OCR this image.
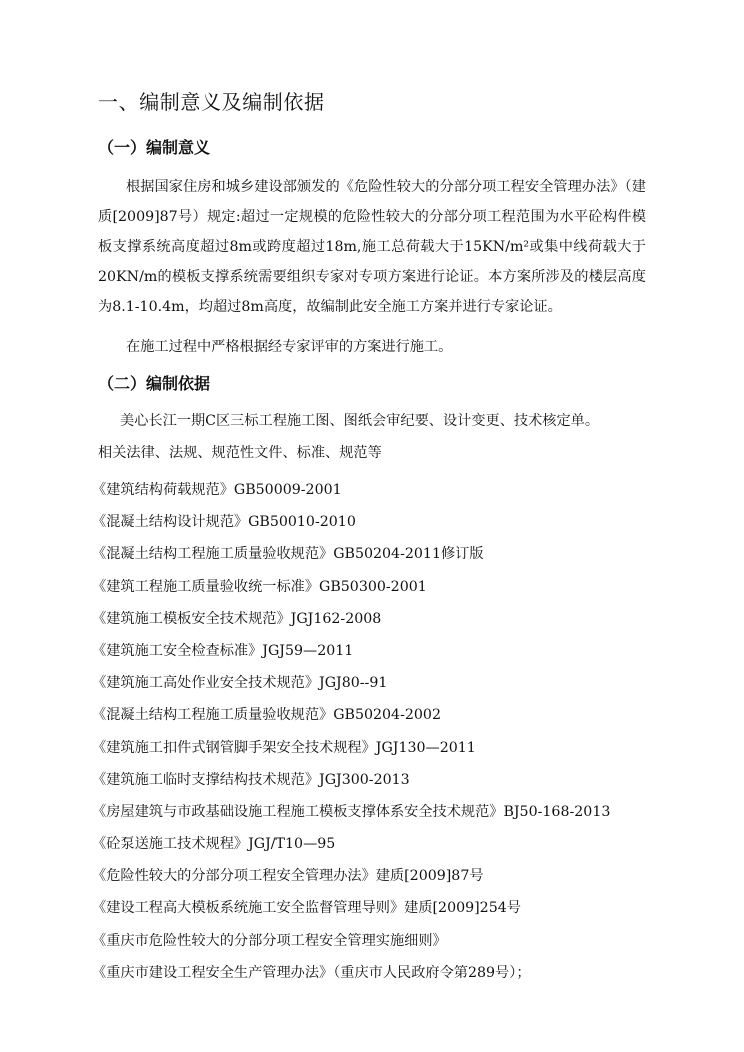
一、编制意义及编制依据
（一）编制意义

根据国家住房和城乡建设部颁发的《危险性较大的分部分项工程安全管理办法》（建质[2009]87号）规定:超过一定规模的危险性较大的分部分项工程范围为水平砼构件模板支撑系统高度超过8m或跨度超过18m,施工总荷载大于15KN/m²或集中线荷载大于20KN/m的模板支撑系统需要组织专家对专项方案进行论证。本方案所涉及的楼层高度为8.1-10.4m，均超过8m高度，故编制此安全施工方案并进行专家论证。

在施工过程中严格根据经专家评审的方案进行施工。

（二）编制依据
美心长江一期C区三标工程施工图、图纸会审纪要、设计变更、技术核定单。
相关法律、法规、规范性文件、标准、规范等
《建筑结构荷载规范》GB50009-2001
《混凝土结构设计规范》GB50010-2010
《混凝土结构工程施工质量验收规范》GB50204-2011修订版
《建筑工程施工质量验收统一标准》GB50300-2001
《建筑施工模板安全技术规范》JGJ162-2008
《建筑施工安全检查标准》JGJ59—2011
《建筑施工高处作业安全技术规范》JGJ80--91
《混凝土结构工程施工质量验收规范》GB50204-2002
《建筑施工扣件式钢管脚手架安全技术规程》JGJ130—2011
《建筑施工临时支撑结构技术规范》JGJ300-2013
《房屋建筑与市政基础设施工程施工模板支撑体系安全技术规范》BJ50-168-2013
《砼泵送施工技术规程》JGJ/T10—95
《危险性较大的分部分项工程安全管理办法》建质[2009]87号
《建设工程高大模板系统施工安全监督管理导则》建质[2009]254号
《重庆市危险性较大的分部分项工程安全管理实施细则》
《重庆市建设工程安全生产管理办法》（重庆市人民政府令第289号）；
